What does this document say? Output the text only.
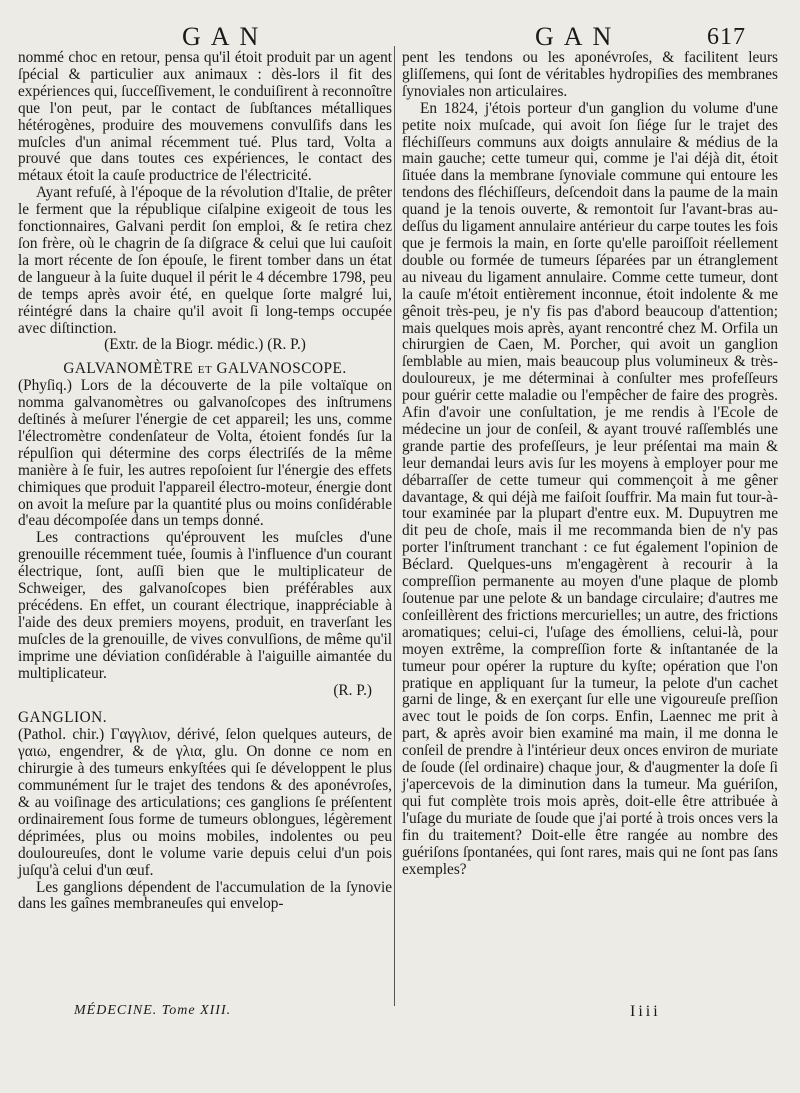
GAN	GAN	617

nommé choc en retour, pensa qu'il étoit produit par un agent ſpécial & particulier aux animaux : dès-lors il fit des expériences qui, ſucceſſivement, le conduiſirent à reconnoître que l'on peut, par le contact de ſubſtances métalliques hétérogènes, produire des mouvemens convulſifs dans les muſcles d'un animal récemment tué. Plus tard, Volta a prouvé que dans toutes ces expériences, le contact des métaux étoit la cauſe productrice de l'électricité.

Ayant refuſé, à l'époque de la révolution d'Italie, de prêter le ferment que la république ciſalpine exigeoit de tous les fonctionnaires, Galvani perdit ſon emploi, & ſe retira chez ſon frère, où le chagrin de ſa diſgrace & celui que lui cauſoit la mort récente de ſon épouſe, le firent tomber dans un état de langueur à la ſuite duquel il périt le 4 décembre 1798, peu de temps après avoir été, en quelque ſorte malgré lui, réintégré dans la chaire qu'il avoit ſi long-temps occupée avec diſtinction.

(Extr. de la Biogr. médic.) (R. P.)

GALVANOMÈTRE et GALVANOSCOPE.

(Phyſiq.) Lors de la découverte de la pile voltaïque on nomma galvanomètres ou galvanoſcopes des inſtrumens deſtinés à meſurer l'énergie de cet appareil; les uns, comme l'électromètre condenſateur de Volta, étoient fondés ſur la répulſion qui détermine des corps électriſés de la même manière à ſe fuir, les autres repoſoient ſur l'énergie des effets chimiques que produit l'appareil électro-moteur, énergie dont on avoit la meſure par la quantité plus ou moins conſidérable d'eau décompoſée dans un temps donné.

Les contractions qu'éprouvent les muſcles d'une grenouille récemment tuée, ſoumis à l'influence d'un courant électrique, ſont, auſſi bien que le multiplicateur de Schweiger, des galvanoſcopes bien préférables aux précédens. En effet, un courant électrique, inappréciable à l'aide des deux premiers moyens, produit, en traverſant les muſcles de la grenouille, de vives convulſions, de même qu'il imprime une déviation conſidérable à l'aiguille aimantée du multiplicateur.

(R. P.)

GANGLION.

(Pathol. chir.) Γαγγλιον, dérivé, ſelon quelques auteurs, de γαιω, engendrer, & de γλια, glu. On donne ce nom en chirurgie à des tumeurs enkyſtées qui ſe développent le plus communément ſur le trajet des tendons & des aponévroſes, & au voiſinage des articulations; ces ganglions ſe préſentent ordinairement ſous forme de tumeurs oblongues, légèrement déprimées, plus ou moins mobiles, indolentes ou peu douloureuſes, dont le volume varie depuis celui d'un pois juſqu'à celui d'un œuf.

Les ganglions dépendent de l'accumulation de la ſynovie dans les gaînes membraneuſes qui envelop-

pent les tendons ou les aponévroſes, & facilitent leurs gliſſemens, qui ſont de véritables hydropiſies des membranes ſynoviales non articulaires.

En 1824, j'étois porteur d'un ganglion du volume d'une petite noix muſcade, qui avoit ſon ſiége ſur le trajet des fléchiſſeurs communs aux doigts annulaire & médius de la main gauche; cette tumeur qui, comme je l'ai déjà dit, étoit ſituée dans la membrane ſynoviale commune qui entoure les tendons des fléchiſſeurs, deſcendoit dans la paume de la main quand je la tenois ouverte, & remontoit ſur l'avant-bras au-deſſus du ligament annulaire antérieur du carpe toutes les fois que je fermois la main, en ſorte qu'elle paroiſſoit réellement double ou formée de tumeurs ſéparées par un étranglement au niveau du ligament annulaire. Comme cette tumeur, dont la cauſe m'étoit entièrement inconnue, étoit indolente & me gênoit très-peu, je n'y fis pas d'abord beaucoup d'attention; mais quelques mois après, ayant rencontré chez M. Orfila un chirurgien de Caen, M. Porcher, qui avoit un ganglion ſemblable au mien, mais beaucoup plus volumineux & très-douloureux, je me déterminai à conſulter mes profeſſeurs pour guérir cette maladie ou l'empêcher de faire des progrès. Afin d'avoir une conſultation, je me rendis à l'Ecole de médecine un jour de conſeil, & ayant trouvé raſſemblés une grande partie des profeſſeurs, je leur préſentai ma main & leur demandai leurs avis ſur les moyens à employer pour me débarraſſer de cette tumeur qui commençoit à me gêner davantage, & qui déjà me faiſoit ſouffrir. Ma main fut tour-à-tour examinée par la plupart d'entre eux. M. Dupuytren me dit peu de choſe, mais il me recommanda bien de n'y pas porter l'inſtrument tranchant : ce fut également l'opinion de Béclard. Quelques-uns m'engagèrent à recourir à la compreſſion permanente au moyen d'une plaque de plomb ſoutenue par une pelote & un bandage circulaire; d'autres me conſeillèrent des frictions mercurielles; un autre, des frictions aromatiques; celui-ci, l'uſage des émolliens, celui-là, pour moyen extrême, la compreſſion forte & inſtantanée de la tumeur pour opérer la rupture du kyſte; opération que l'on pratique en appliquant ſur la tumeur, la pelote d'un cachet garni de linge, & en exerçant ſur elle une vigoureuſe preſſion avec tout le poids de ſon corps. Enfin, Laennec me prit à part, & après avoir bien examiné ma main, il me donna le conſeil de prendre à l'intérieur deux onces environ de muriate de ſoude (ſel ordinaire) chaque jour, & d'augmenter la doſe ſi j'apercevois de la diminution dans la tumeur. Ma guériſon, qui fut complète trois mois après, doit-elle être attribuée à l'uſage du muriate de ſoude que j'ai porté à trois onces vers la fin du traitement? Doit-elle être rangée au nombre des guériſons ſpontanées, qui ſont rares, mais qui ne ſont pas ſans exemples?

MÉDECINE. Tome XIII.	Iiii
